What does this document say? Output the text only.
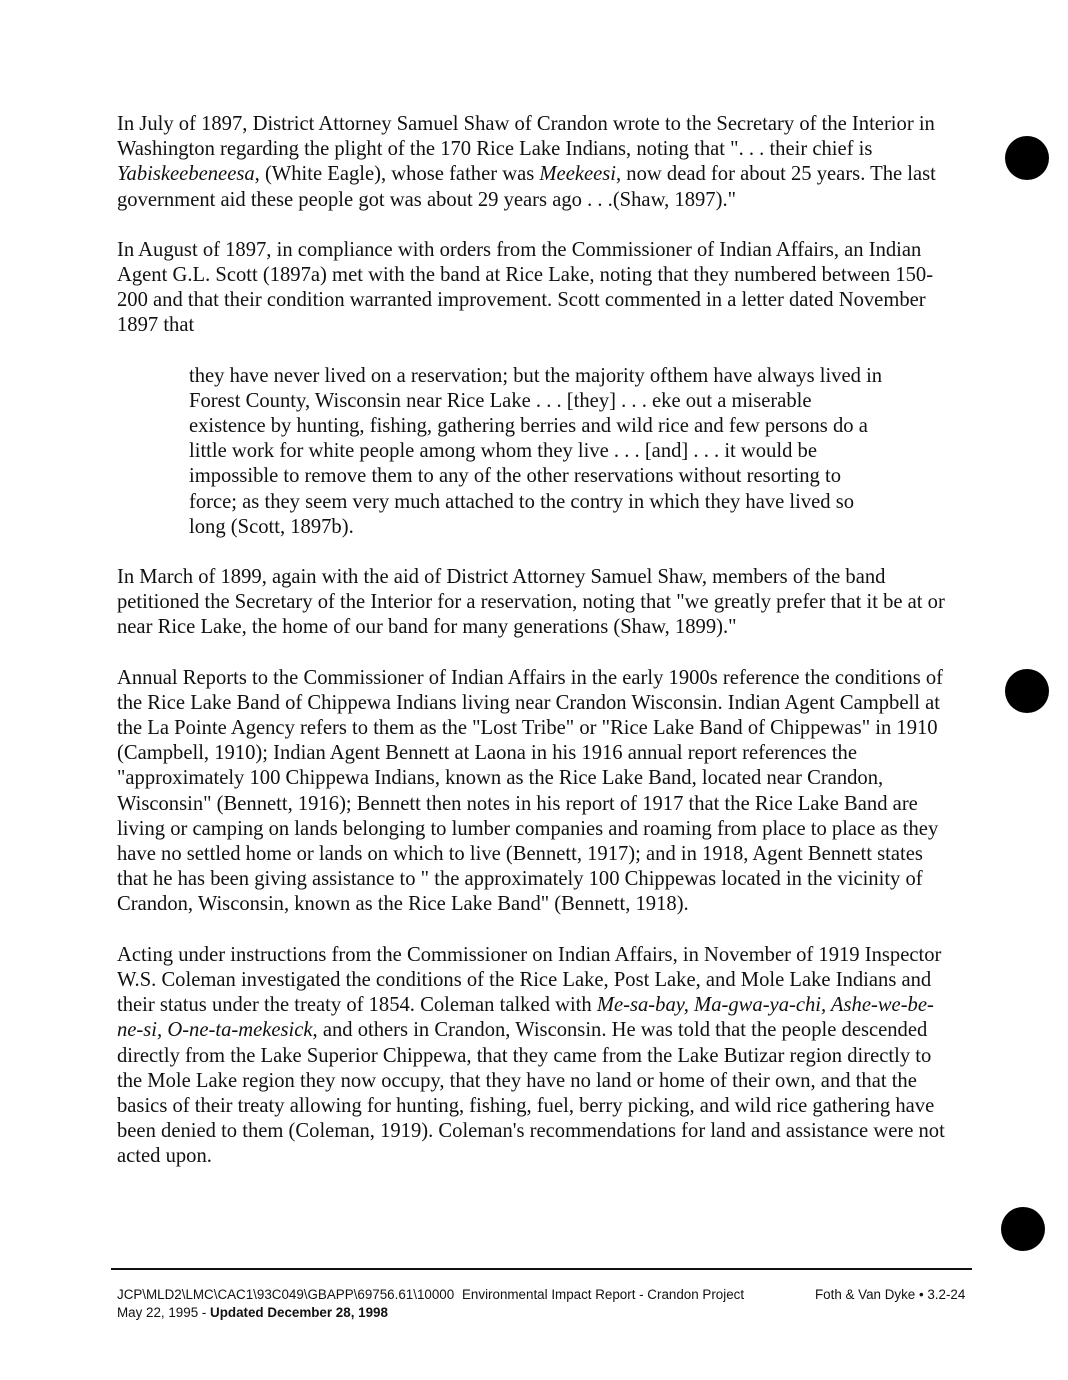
In July of 1897, District Attorney Samuel Shaw of Crandon wrote to the Secretary of the Interior in Washington regarding the plight of the 170 Rice Lake Indians, noting that ". . . their chief is Yabiskeebeneesa, (White Eagle), whose father was Meekeesi, now dead for about 25 years. The last government aid these people got was about 29 years ago . . .(Shaw, 1897)."

In August of 1897, in compliance with orders from the Commissioner of Indian Affairs, an Indian Agent G.L. Scott (1897a) met with the band at Rice Lake, noting that they numbered between 150-200 and that their condition warranted improvement. Scott commented in a letter dated November 1897 that

they have never lived on a reservation; but the majority ofthem have always lived in Forest County, Wisconsin near Rice Lake . . . [they] . . . eke out a miserable existence by hunting, fishing, gathering berries and wild rice and few persons do a little work for white people among whom they live . . . [and] . . . it would be impossible to remove them to any of the other reservations without resorting to force; as they seem very much attached to the contry in which they have lived so long (Scott, 1897b).

In March of 1899, again with the aid of District Attorney Samuel Shaw, members of the band petitioned the Secretary of the Interior for a reservation, noting that "we greatly prefer that it be at or near Rice Lake, the home of our band for many generations (Shaw, 1899)."

Annual Reports to the Commissioner of Indian Affairs in the early 1900s reference the conditions of the Rice Lake Band of Chippewa Indians living near Crandon Wisconsin. Indian Agent Campbell at the La Pointe Agency refers to them as the "Lost Tribe" or "Rice Lake Band of Chippewas" in 1910 (Campbell, 1910); Indian Agent Bennett at Laona in his 1916 annual report references the "approximately 100 Chippewa Indians, known as the Rice Lake Band, located near Crandon, Wisconsin" (Bennett, 1916); Bennett then notes in his report of 1917 that the Rice Lake Band are living or camping on lands belonging to lumber companies and roaming from place to place as they have no settled home or lands on which to live (Bennett, 1917); and in 1918, Agent Bennett states that he has been giving assistance to " the approximately 100 Chippewas located in the vicinity of Crandon, Wisconsin, known as the Rice Lake Band" (Bennett, 1918).

Acting under instructions from the Commissioner on Indian Affairs, in November of 1919 Inspector W.S. Coleman investigated the conditions of the Rice Lake, Post Lake, and Mole Lake Indians and their status under the treaty of 1854. Coleman talked with Me-sa-bay, Ma-gwa-ya-chi, Ashe-we-be-ne-si, O-ne-ta-mekesick, and others in Crandon, Wisconsin. He was told that the people descended directly from the Lake Superior Chippewa, that they came from the Lake Butizar region directly to the Mole Lake region they now occupy, that they have no land or home of their own, and that the basics of their treaty allowing for hunting, fishing, fuel, berry picking, and wild rice gathering have been denied to them (Coleman, 1919). Coleman's recommendations for land and assistance were not acted upon.

JCP\MLD2\LMC\CAC1\93C049\GBAPP\69756.61\10000
May 22, 1995 - Updated December 28, 1998
Environmental Impact Report - Crandon Project	Foth & Van Dyke • 3.2-24
